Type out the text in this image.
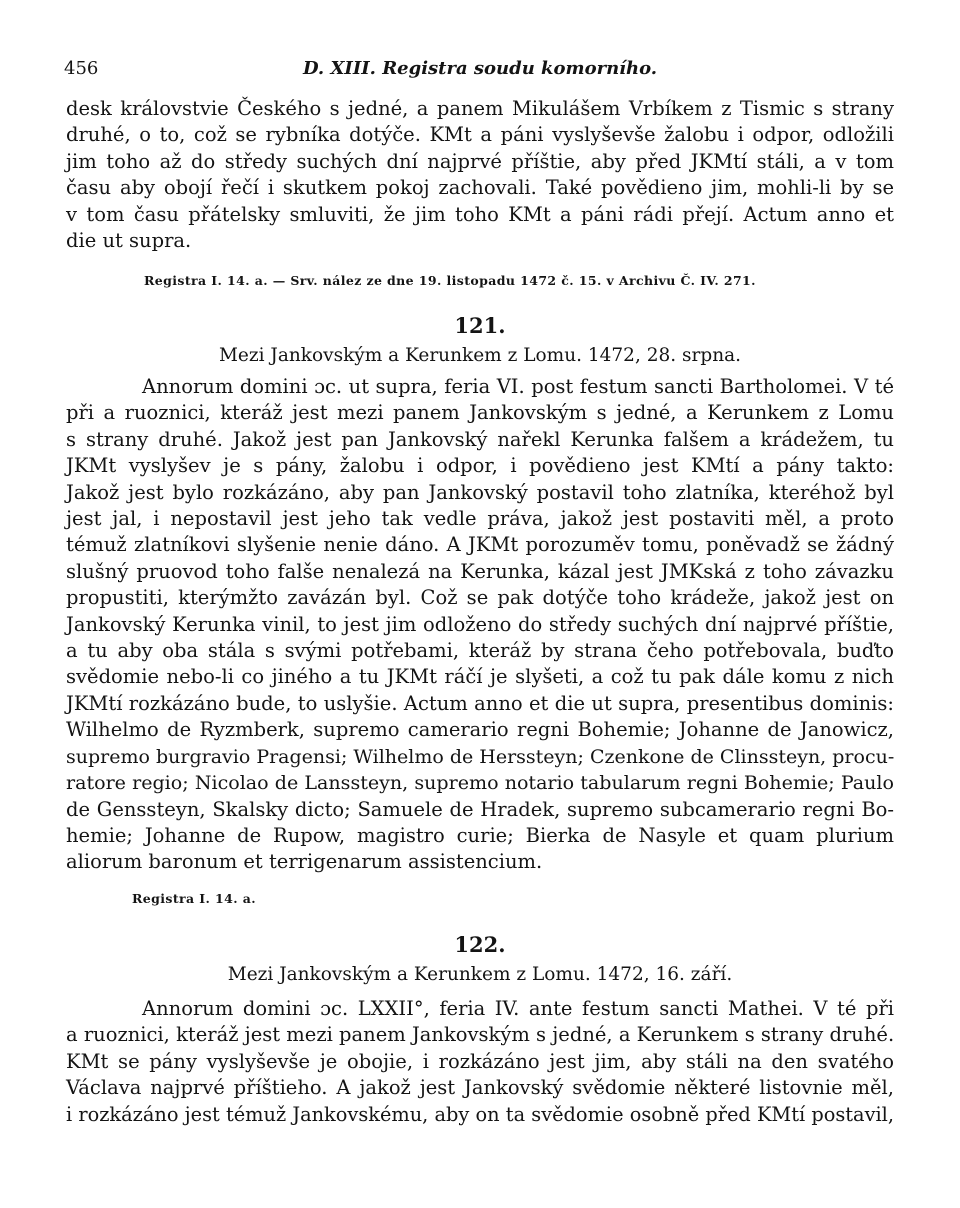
456	D. XIII. Registra soudu komorního.
desk královstvie Českého s jedné, a panem Mikulášem Vrbíkem z Tismic s strany
druhé, o to, což se rybníka dotýče. KMt a páni vyslyševše žalobu i odpor, odložili
jim toho až do středy suchých dní najprvé příštie, aby před JKMtí stáli, a v tom
času aby obojí řečí i skutkem pokoj zachovali. Také povědieno jim, mohli-li by se
v tom času přátelsky smluviti, že jim toho KMt a páni rádi přejí. Actum anno et
die ut supra.
Registra I. 14. a. — Srv. nález ze dne 19. listopadu 1472 č. 15. v Archivu Č. IV. 271.
121.
Mezi Jankovským a Kerunkem z Lomu. 1472, 28. srpna.
Annorum domini ɔc. ut supra, feria VI. post festum sancti Bartholomei. V té
při a ruoznici, kteráž jest mezi panem Jankovským s jedné, a Kerunkem z Lomu
s strany druhé. Jakož jest pan Jankovský nařekl Kerunka falšem a krádežem, tu
JKMt vyslyšev je s pány, žalobu i odpor, i povědieno jest KMtí a pány takto:
Jakož jest bylo rozkázáno, aby pan Jankovský postavil toho zlatníka, kteréhož byl
jest jal, i nepostavil jest jeho tak vedle práva, jakož jest postaviti měl, a proto
témuž zlatníkovi slyšenie nenie dáno. A JKMt porozuměv tomu, poněvadž se žádný
slušný pruovod toho falše nenalezá na Kerunka, kázal jest JMKská z toho závazku
propustiti, kterýmžto zavázán byl. Což se pak dotýče toho krádeže, jakož jest on
Jankovský Kerunka vinil, to jest jim odloženo do středy suchých dní najprvé příštie,
a tu aby oba stála s svými potřebami, kteráž by strana čeho potřebovala, buďto
svědomie nebo-li co jiného a tu JKMt ráčí je slyšeti, a což tu pak dále komu z nich
JKMtí rozkázáno bude, to uslyšie. Actum anno et die ut supra, presentibus dominis:
Wilhelmo de Ryzmberk, supremo camerario regni Bohemie; Johanne de Janowicz,
supremo burgravio Pragensi; Wilhelmo de Herssteyn; Czenkone de Clinssteyn, procu-
ratore regio; Nicolao de Lanssteyn, supremo notario tabularum regni Bohemie; Paulo
de Genssteyn, Skalsky dicto; Samuele de Hradek, supremo subcamerario regni Bo-
hemie; Johanne de Rupow, magistro curie; Bierka de Nasyle et quam plurium
aliorum baronum et terrigenarum assistencium.
Registra I. 14. a.
122.
Mezi Jankovským a Kerunkem z Lomu. 1472, 16. září.
Annorum domini ɔc. LXXII°, feria IV. ante festum sancti Mathei. V té při
a ruoznici, kteráž jest mezi panem Jankovským s jedné, a Kerunkem s strany druhé.
KMt se pány vyslyševše je obojie, i rozkázáno jest jim, aby stáli na den svatého
Václava najprvé příštieho. A jakož jest Jankovský svědomie některé listovnie měl,
i rozkázáno jest témuž Jankovskému, aby on ta svědomie osobně před KMtí postavil,
